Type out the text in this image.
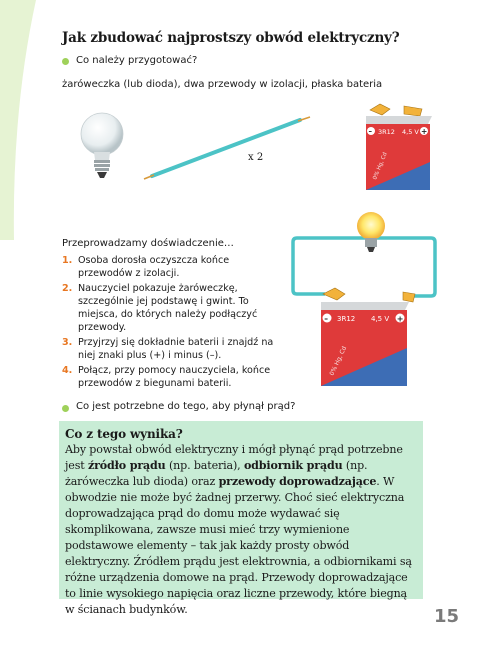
Jak zbudować najprostszy obwód elektryczny?
Co należy przygotować?
żaróweczka (lub dioda), dwa przewody w izolacji, płaska bateria
x 2
3R12 4,5 V
–	+
0% Hg, Cd
Przeprowadzamy doświadczenie…
1. Osoba dorosła oczyszcza końce przewodów z izolacji.
2. Nauczyciel pokazuje żaróweczkę, szczególnie jej podstawę i gwint. To miejsca, do których należy podłączyć przewody.
3. Przyjrzyj się dokładnie baterii i znajdź na niej znaki plus (+) i minus (–).
4. Połącz, przy pomocy nauczyciela, końce przewodów z biegunami baterii.
– 3R12 4,5 V +
0% Hg, Cd
Co jest potrzebne do tego, aby płynął prąd?

Co z tego wynika?

Aby powstał obwód elektryczny i mógł płynąć prąd potrzebne jest źródło prądu (np. bateria), odbiornik prądu (np. żaróweczka lub dioda) oraz przewody doprowadzające. W obwodzie nie może być żadnej przerwy. Choć sieć elektryczna doprowadzająca prąd do domu może wydawać się skomplikowana, zawsze musi mieć trzy wymienione podstawowe elementy – tak jak każdy prosty obwód elektryczny. Źródłem prądu jest elektrownia, a odbiornikami są różne urządzenia domowe na prąd. Przewody doprowadzające to linie wysokiego napięcia oraz liczne przewody, które biegną w ścianach budynków.	15
